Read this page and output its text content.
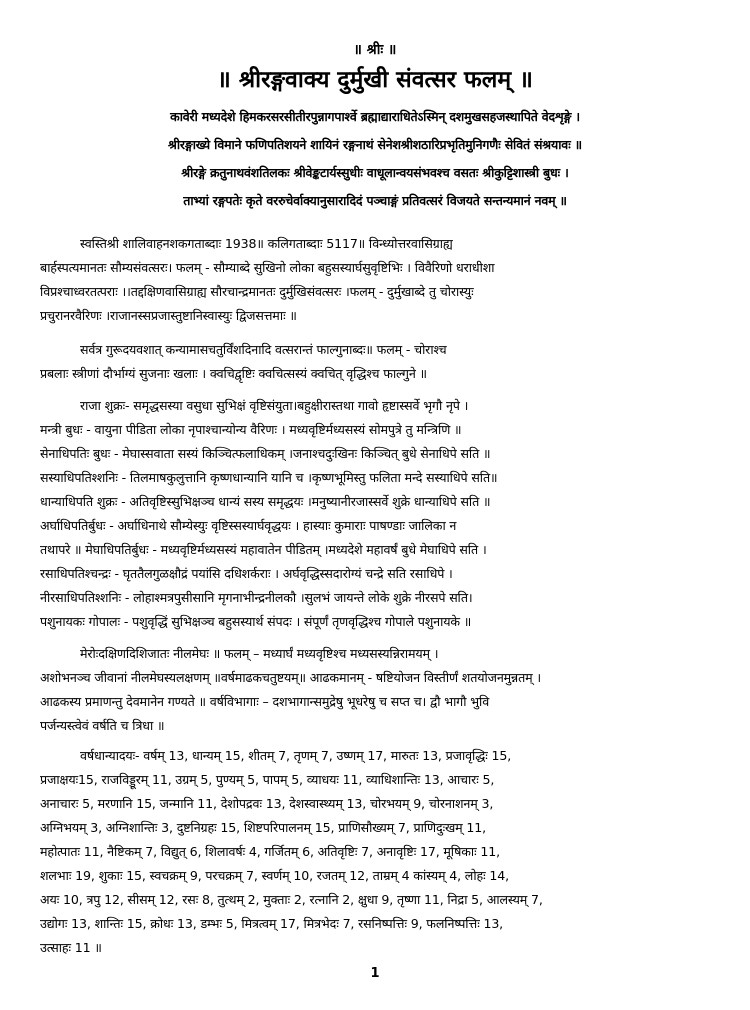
॥ श्रीः ॥
॥ श्रीरङ्गवाक्य दुर्मुखी संवत्सर फलम् ॥
कावेरी मध्यदेशे हिमकरसरसीतीरपुन्नागपार्श्वे ब्रह्माद्याराधितेऽस्मिन् दशमुखसहजस्थापिते वेदशृङ्गे ।
श्रीरङ्गाख्ये विमाने फणिपतिशयने शायिनं रङ्गनाथं सेनेशश्रीशठारिप्रभृतिमुनिगणैः सेवितं संश्रयावः ॥
श्रीरङ्गे क्रतुनाथवंशतिलकः श्रीवेङ्कटार्यस्सुधीः वाधूलान्वयसंभवश्च वसतः श्रीकुट्टिशास्त्री बुधः ।
ताभ्यां रङ्गपतेः कृते वररुचेर्वाक्यानुसारादिदं पञ्चाङ्गं प्रतिवत्सरं विजयते सन्तन्यमानं नवम् ॥
स्वस्तिश्री शालिवाहनशकगताब्दाः 1938॥ कलिगताब्दाः 5117॥ विन्ध्योत्तरवासिग्राह्य
बार्हस्पत्यमानतः सौम्यसंवत्सरः। फलम् - सौम्याब्दे सुखिनो लोका बहुसस्यार्घसुवृष्टिभिः । विवैरिणो धराधीशा
विप्रश्चाध्वरतत्पराः ।।तद्दक्षिणवासिग्राह्य सौरचान्द्रमानतः दुर्मुखिसंवत्सरः ।फलम् - दुर्मुखाब्दे तु चोरास्युः
प्रचुरानरवैरिणः ।राजानस्सप्रजास्तुष्टानिस्वास्युः द्विजसत्तमाः ॥
सर्वत्र गुरूदयवशात् कन्यामासचतुर्विंशदिनादि वत्सरान्तं फाल्गुनाब्दः॥ फलम् - चोराश्च
प्रबलाः स्त्रीणां दौर्भाग्यं सुजनाः खलाः । क्वचिद्वृष्टिः क्वचित्सस्यं क्वचित् वृद्धिश्च फाल्गुने ॥
राजा शुक्रः- समृद्धसस्या वसुधा सुभिक्षं वृष्टिसंयुता।बहुक्षीरास्तथा गावो हृष्टास्सर्वे भृगौ नृपे ।
मन्त्री बुधः - वायुना पीडिता लोका नृपाश्चान्योन्य वैरिणः । मध्यवृष्टिर्मध्यसस्यं सोमपुत्रे तु मन्त्रिणि ॥
सेनाधिपतिः बुधः - मेघास्सवाता सस्यं किञ्चित्फलाधिकम् ।जनाश्चदुःखिनः किञ्चित् बुधे सेनाधिपे सति ॥
सस्याधिपतिश्शनिः - तिलमाषकुलुत्तानि कृष्णधान्यानि यानि च ।कृष्णभूमिस्तु फलिता मन्दे सस्याधिपे सति॥
धान्याधिपति शुक्रः - अतिवृष्टिस्सुभिक्षञ्च धान्यं सस्य समृद्धयः ।मनुष्यानीरजास्सर्वे शुक्रे धान्याधिपे सति ॥
अर्घाधिपतिर्बुधः - अर्घाधिनाथे सौम्येस्युः वृष्टिस्सस्यार्घवृद्धयः । हास्याः कुमाराः पाषण्डाः जालिका न
तथापरे ॥ मेघाधिपतिर्बुधः - मध्यवृष्टिर्मध्यसस्यं महावातेन पीडितम् ।मध्यदेशे महावर्षं बुधे मेघाधिपे सति ।
रसाधिपतिश्चन्द्रः - घृततैलगुळक्षौद्रं पयांसि दधिशर्कराः । अर्घवृद्धिस्सदारोग्यं चन्द्रे सति रसाधिपे ।
नीरसाधिपतिश्शनिः - लोहाश्मत्रपुसीसानि मृगनाभीन्द्रनीलकौ ।सुलभं जायन्ते लोके शुक्रे नीरसपे सति।
पशुनायकः गोपालः - पशुवृद्धिं सुभिक्षञ्च बहुसस्यार्थ संपदः । संपूर्णं तृणवृद्धिश्च गोपाले पशुनायके ॥
मेरोःदक्षिणदिशिजातः नीलमेघः ॥ फलम् – मध्यार्घं मध्यवृष्टिश्च मध्यसस्यन्निरामयम् ।
अशोभनञ्च जीवानां नीलमेघस्यलक्षणम् ॥वर्षमाढकचतुष्टयम्॥ आढकमानम् - षष्टियोजन विस्तीर्णं शतयोजनमुन्नतम् ।
आढकस्य प्रमाणन्तु देवमानेन गण्यते ॥ वर्षविभागाः – दशभागान्समुद्रेषु भूधरेषु च सप्त च। द्वौ भागौ भुवि
पर्जन्यस्त्वेवं वर्षति च त्रिधा ॥
वर्षधान्यादयः- वर्षम् 13, धान्यम् 15, शीतम् 7, तृणम् 7, उष्णम् 17, मारुतः 13, प्रजावृद्धिः 15,
प्रजाक्षयः15, राजविड्डूरम् 11, उग्रम् 5, पुण्यम् 5, पापम् 5, व्याधयः 11, व्याधिशान्तिः 13, आचारः 5,
अनाचारः 5, मरणानि 15, जन्मानि 11, देशोपद्रवः 13, देशस्वास्थ्यम् 13, चोरभयम् 9, चोरनाशनम् 3,
अग्निभयम् 3, अग्निशान्तिः 3, दुष्टनिग्रहः 15, शिष्टपरिपालनम् 15, प्राणिसौख्यम् 7, प्राणिदुःखम् 11,
महोत्पातः 11, नैष्टिकम् 7, विद्युत् 6, शिलावर्षः 4, गर्जितम् 6, अतिवृष्टिः 7, अनावृष्टिः 17, मूषिकाः 11,
शलभाः 19, शुकाः 15, स्वचक्रम् 9, परचक्रम् 7, स्वर्णम् 10, रजतम् 12, ताम्रम् 4 कांस्यम् 4, लोहः 14,
अयः 10, त्रपु 12, सीसम् 12, रसः 8, तुत्थम् 2, मुक्ताः 2, रत्नानि 2, क्षुधा 9, तृष्णा 11, निद्रा 5, आलस्यम् 7,
उद्योगः 13, शान्तिः 15, क्रोधः 13, डम्भः 5, मित्रत्वम् 17, मित्रभेदः 7, रसनिष्पत्तिः 9, फलनिष्पत्तिः 13,
उत्साहः 11 ॥
1
